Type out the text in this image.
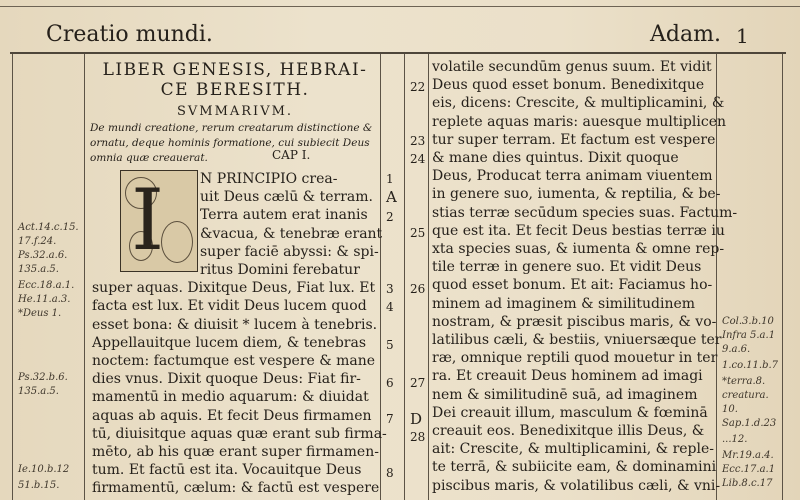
Creatio mundi.	Adam. 1
LIBER GENESIS, HEBRAI-
CE BERESITH.
SVMMARIVM.
De mundi creatione, rerum creatarum distinctione &
ornatu, deque hominis formatione, cui subiecit Deus
omnia quæ creauerat.	CAP I.
I	N PRINCIPIO crea-
uit Deus cælū & terram.
Terra autem erat inanis
&vacua, & tenebræ erant
super faciē abyssi: & spi-
ritus Domini ferebatur
super aquas. Dixitque Deus, Fiat lux. Et
facta est lux. Et vidit Deus lucem quod
esset bona: & diuisit * lucem à tenebris.
Appellauitque lucem diem, & tenebras
noctem: factumque est vespere & mane
dies vnus. Dixit quoque Deus: Fiat fir-
mamentū in medio aquarum: & diuidat
aquas ab aquis. Et fecit Deus firmamen
tū, diuisitque aquas quæ erant sub firma-
mēto, ab his quæ erant super firmamen-
tum. Et factū est ita. Vocauitque Deus
firmamentū, cælum: & factū est vespere
volatile secundūm genus suum. Et vidit
Deus quod esset bonum. Benedixitque
eis, dicens: Crescite, & multiplicamini, &
replete aquas maris: auesque multiplicen
tur super terram. Et factum est vespere
& mane dies quintus. Dixit quoque
Deus, Producat terra animam viuentem
in genere suo, iumenta, & reptilia, & be-
stias terræ secūdum species suas. Factum-
que est ita. Et fecit Deus bestias terræ iu
xta species suas, & iumenta & omne rep-
tile terræ in genere suo. Et vidit Deus
quod esset bonum. Et ait: Faciamus ho-
minem ad imaginem & similitudinem
nostram, & præsit piscibus maris, & vo-
latilibus cæli, & bestiis, vniuersæque ter
ræ, omnique reptili quod mouetur in ter
ra. Et creauit Deus hominem ad imagi
nem & similitudinē suā, ad imaginem
Dei creauit illum, masculum & fœminā
creauit eos. Benedixitque illis Deus, &
ait: Crescite, & multiplicamini, & reple-
te terrā, & subiicite eam, & dominamini
piscibus maris, & volatilibus cæli, & vni-
Act.14.c.15.
17.f.24.
Ps.32.a.6.
135.a.5.
Ecc.18.a.1.
He.11.a.3.
*Deus 1.
Ps.32.b.6.
135.a.5.
Ie.10.b.12
51.b.15.
Col.3.b.10
Infra 5.a.1
9.a.6.
1.co.11.b.7
*terra.8.
creatura.
10.
Sap.1.d.23
...12.
Mr.19.a.4.
Ecc.17.a.1
Lib.8.c.17
1
2
3
4
5
6
7
8
22
23
24
25
26
27
28
A
D
